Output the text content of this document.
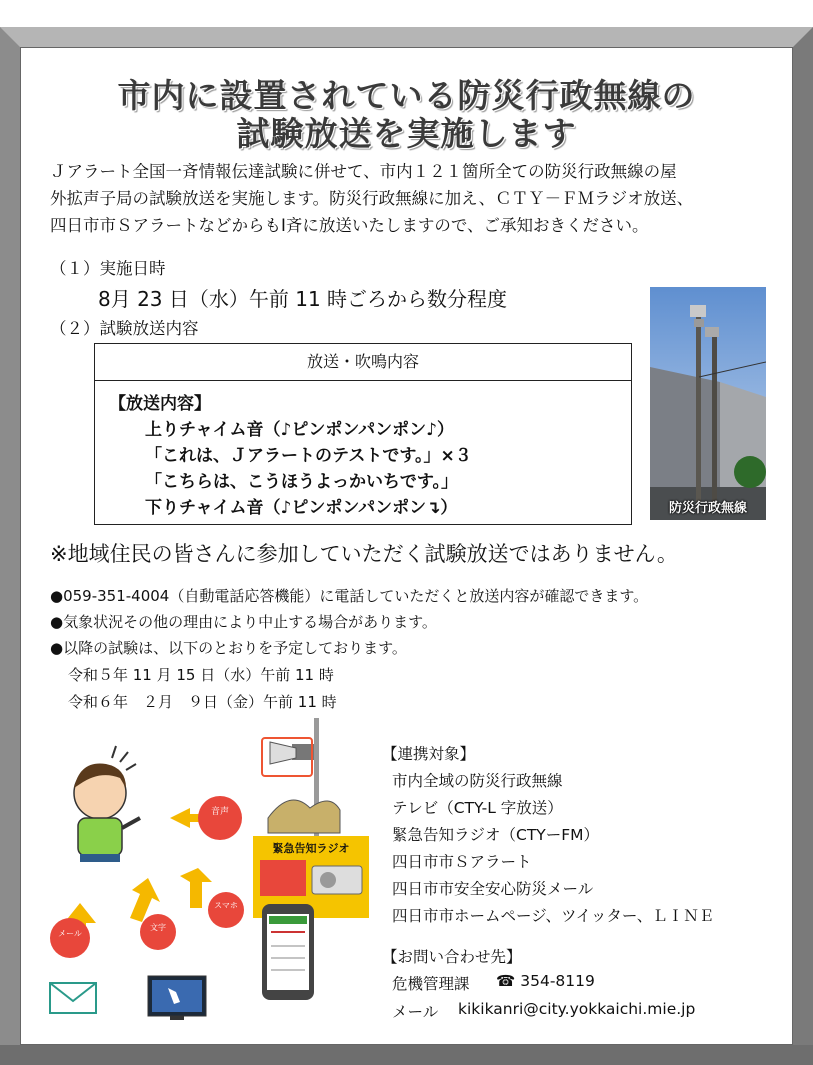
市内に設置されている防災行政無線の
試験放送を実施します
Ｊアラート全国一斉情報伝達試験に併せて、市内１２１箇所全ての防災行政無線の屋
外拡声子局の試験放送を実施します。防災行政無線に加え、ＣＴＹ－ＦＭラジオ放送、
四日市市ＳアラートなどからもⅠ斉に放送いたしますので、ご承知おきください。
（１）実施日時
8月 23 日（水）午前 11 時ごろから数分程度
（２）試験放送内容
放送・吹鳴内容
【放送内容】
上りチャイム音（♪ピンポンパンポン♪）
「これは、Ｊアラートのテストです。」×３
「こちらは、こうほうよっかいちです。」
下りチャイム音（♪ピンポンパンポン↴）	防災行政無線
※地域住民の皆さんに参加していただく試験放送ではありません。
●059-351-4004（自動電話応答機能）に電話していただくと放送内容が確認できます。
●気象状況その他の理由により中止する場合があります。
●以降の試験は、以下のとおりを予定しております。
令和５年 11 月 15 日（水）午前 11 時
令和６年　２月　９日（金）午前 11 時
音声
メール
文字
スマホ
緊急告知ラジオ
【連携対象】
市内全域の防災行政無線
テレビ（CTY-L 字放送）
緊急告知ラジオ（CTYーFM）
四日市市Ｓアラート
四日市市安全安心防災メール
四日市市ホームページ、ツイッター、ＬＩＮＥ
【お問い合わせ先】
危機管理課 ☎ 354-8119
メール kikikanri@city.yokkaichi.mie.jp
